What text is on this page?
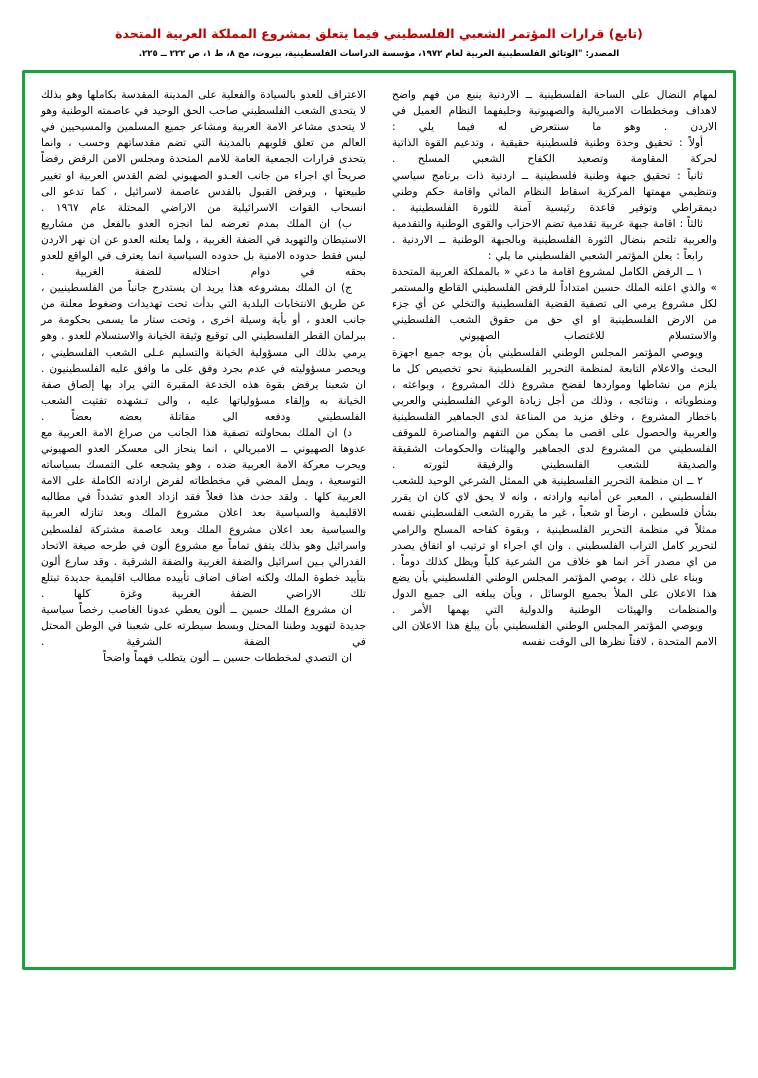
(تابع) قرارات المؤتمر الشعبي الفلسطيني فيما يتعلق بمشروع المملكة العربية المتحدة
المصدر: "الوثائق الفلسطينية العربية لعام ١٩٧٢، مؤسسة الدراسات الفلسطينية، بيروت، مج ٨، ط ١، ص ٢٢٢ ــ ٢٢٥.

لمهام النضال على الساحة الفلسطينية ــ الاردنية ينبع من فهم واضح لاهداف ومخططات الامبريالية والصهيونية وحليفهما النظام العميل في الاردن . وهو ما سنتعرض له فيما يلي :

أولاً : تحقيق وحدة وطنية فلسطينية حقيقية ، وتدعيم القوة الذاتية لحركة المقاومة وتصعيد الكفاح الشعبي المسلح .

ثانياً : تحقيق جبهة وطنية فلسطينية ــ اردنية ذات برنامج سياسي وتنظيمي مهمتها المركزية اسقاط النظام الماثي واقامة حكم وطني ديمقراطي وتوفير قاعدة رئيسية آمنة للثورة الفلسطينية .

ثالثاً : اقامة جبهة عربية تقدمية تضم الاحزاب والقوى الوطنية والتقدمية والعربية تلتحم بنضال الثورة الفلسطينية وبالجبهة الوطنية ــ الاردنية .

رابعاً : يعلن المؤتمر الشعبي الفلسطيني ما يلي :

١ ــ الرفض الكامل لمشروع اقامة ما دعي « بالمملكة العربية المتحدة » والذي اعلنه الملك حسين امتداداً للرفض الفلسطيني القاطع والمستمر لكل مشروع يرمي الى تصفية القضية الفلسطينية والتخلي عن أي جزء من الارض الفلسطينية او اي حق من حقوق الشعب الفلسطيني والاستسلام للاغتصاب الصهيوني .

ويوصي المؤتمر المجلس الوطني الفلسطيني بأن يوجه جميع اجهزة البحث والاعلام التابعة لمنظمة التحرير الفلسطينية نحو تخصيص كل ما يلزم من نشاطها ومواردها لفضح مشروع ذلك المشروع ، وبواعثه ، ومنطوياته ، ونتائجه ، وذلك من أجل زيادة الوعي الفلسطيني والعربي باخطار المشروع ، وخلق مزيد من المناعة لدى الجماهير الفلسطينية والعربية والحصول على اقصى ما يمكن من التفهم والمناصرة للموقف الفلسطيني من المشروع لدى الجماهير والهيئات والحكومات الشقيقة والصديقة للشعب الفلسطيني والرفيقة لثورته .

٢ ــ ان منظمة التحرير الفلسطينية هي الممثل الشرعي الوحيد للشعب الفلسطيني ، المعبر عن أمانيه وارادته ، وانه لا يحق لاي كان ان يقرر بشأن فلسطين ، ارضاً او شعباً ، غير ما يقرره الشعب الفلسطيني نفسه ممثلاً في منظمة التحرير الفلسطينية ، وبقوة كفاحه المسلح والرامي لتحرير كامل التراب الفلسطيني . وان اي اجراء او ترتيب او اتفاق يصدر من اي مصدر آخر انما هو خلاف من الشرعية كلياً ويظل كذلك دوماً .

وبناء على ذلك ، يوصي المؤتمر المجلس الوطني الفلسطيني بأن يضع هذا الاعلان على الملأ بجميع الوسائل ، وبأن يبلغه الى جميع الدول والمنظمات والهيئات الوطنية والدولية التي يهمها الأمر .

ويوصي المؤتمر المجلس الوطني الفلسطيني بأن يبلغ هذا الاعلان الى الامم المتحدة ، لافتاً نظرها الى الوقت نفسه

الاعتراف للعدو بالسيادة والفعلية على المدينة المقدسة بكاملها وهو بذلك لا يتحدى الشعب الفلسطيني صاحب الحق الوحيد في عاصمته الوطنية وهو لا يتحدى مشاعر الامة العربية ومشاعر جميع المسلمين والمسيحيين في العالم من تعلق قلوبهم بالمدينة التي تضم مقدساتهم وحسب ، وانما يتحدى قرارات الجمعية العامة للامم المتحدة ومجلس الامن الرفض رفضاً صريحاً اي اجراء من جانب العـدو الصهيوني لضم القدس العربية او تغيير طبيعتها ، ويرفض القبول بالقدس عاصمة لاسرائيل ، كما تدعو الى انسحاب القوات الاسرائيلية من الاراضي المحتلة عام ١٩٦٧ .

ب) ان الملك بمدم تعرضه لما انجزه العدو بالفعل من مشاريع الاستيطان والتهويد في الضفة الغربية ، ولما يعلنه العدو عن ان نهر الاردن ليس فقط حدوده الامنية بل حدوده السياسية انما يعترف في الواقع للعدو بحقه في دوام احتلاله للضفة الغربية .

ج) ان الملك بمشروعه هذا يريد ان يستدرج جانباً من الفلسطينيين ، عن طريق الانتخابات البلدية التي بدأت تحت تهديدات وضغوط معلنة من جانب العدو ، أو بأية وسيلة اخرى ، وتحت ستار ما يسمى بحكومة مر ببرلمان القطر الفلسطيني الى توقيع وثيقة الخيانة والاستسلام للعدو . وهو يرمي بذلك الى مسؤولية الخيانة والتسليم عـلى الشعب الفلسطيني ، ويحصر مسؤوليته في عدم بجرد وفق على ما وافق عليه الفلسطينيون . ان شعبنا يرفض بقوة هذه الخدعة المقبرة التي يراد بها إلصاق صفة الخيانة به وإلقاء مسؤولياتها عليه ، والى تـشهده تفتيت الشعب الفلسطيني ودفعه الى مقاتلة بعضه بعضاً .

د) ان الملك بمحاولته تصفية هذا الجانب من صراع الامة العربية مع عدوها الصهيوني ــ الامبريالي ، انما ينحاز الى معسكر العدو الصهيوني ويحرب معركة الامة العربية ضده ، وهو يشجعه على التمسك بسياساته التوسعية ، ويمل المضي في مخططاته لفرض ارادته الكاملة على الامة العربية كلها . ولقد حدث هذا فعلاً فقد ازداد العدو تشدداً في مطالبه الاقليمية والسياسية بعد اعلان مشروع الملك وبعد تنازله العربية والسياسية بعد اعلان مشروع الملك وبعد عاصمة مشتركة لفلسطين واسرائيل وهو بذلك يتفق تماماً مع مشروع ألون في طرحه صيغة الاتحاد الفدرالي بـين اسرائيل والضفة الغربية والضفة الشرقية . وقد سارع ألون بتأييد خطوة الملك ولكنه اضاف اضاف تأييده مطالب اقليمية جديدة تبتلع تلك الاراضي الضفة الغربية وغزة كلها .

ان مشروع الملك حسين ــ ألون يعطي عدونا الغاصب رخصاً سياسية جديدة لتهويد وطننا المحتل وبسط سيطرته على شعبنا في الوطن المحتل في الضفة الشرقية .

ان التصدي لمخططات حسين ــ ألون يتطلب فهماً واضحاً
